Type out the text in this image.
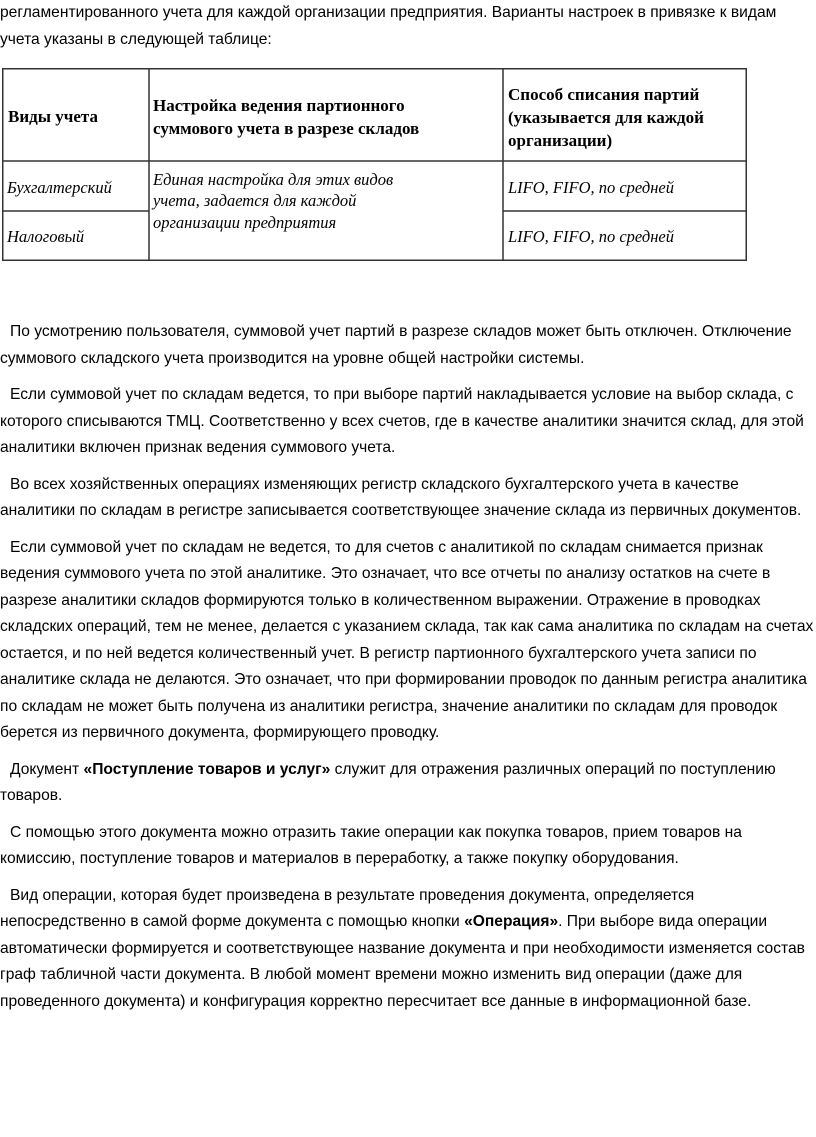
регламентированного учета для каждой организации предприятия. Варианты настроек в привязке к видам учета указаны в следующей таблице:

Виды учета
Настройка ведения партионного
суммового учета в разрезе складов
Способ списания партий
(указывается для каждой
организации)
Бухгалтерский
Налоговый
Единая настройка для этих видов
учета, задается для каждой
организации предприятия
LIFO, FIFO, по средней
LIFO, FIFO, по средней

По усмотрению пользователя, суммовой учет партий в разрезе складов может быть отключен. Отключение суммового складского учета производится на уровне общей настройки системы.

Если суммовой учет по складам ведется, то при выборе партий накладывается условие на выбор склада, с которого списываются ТМЦ. Соответственно у всех счетов, где в качестве аналитики значится склад, для этой аналитики включен признак ведения суммового учета.

Во всех хозяйственных операциях изменяющих регистр складского бухгалтерского учета в качестве аналитики по складам в регистре записывается соответствующее значение склада из первичных документов.

Если суммовой учет по складам не ведется, то для счетов с аналитикой по складам снимается признак ведения суммового учета по этой аналитике. Это означает, что все отчеты по анализу остатков на счете в разрезе аналитики складов формируются только в количественном выражении. Отражение в проводках складских операций, тем не менее, делается с указанием склада, так как сама аналитика по складам на счетах остается, и по ней ведется количественный учет. В регистр партионного бухгалтерского учета записи по аналитике склада не делаются. Это означает, что при формировании проводок по данным регистра аналитика по складам не может быть получена из аналитики регистра, значение аналитики по складам для проводок берется из первичного документа, формирующего проводку.

Документ «Поступление товаров и услуг» служит для отражения различных операций по поступлению товаров.

С помощью этого документа можно отразить такие операции как покупка товаров, прием товаров на комиссию, поступление товаров и материалов в переработку, а также покупку оборудования.

Вид операции, которая будет произведена в результате проведения документа, определяется непосредственно в самой форме документа с помощью кнопки «Операция». При выборе вида операции автоматически формируется и соответствующее название документа и при необходимости изменяется состав граф табличной части документа. В любой момент времени можно изменить вид операции (даже для проведенного документа) и конфигурация корректно пересчитает все данные в информационной базе.
